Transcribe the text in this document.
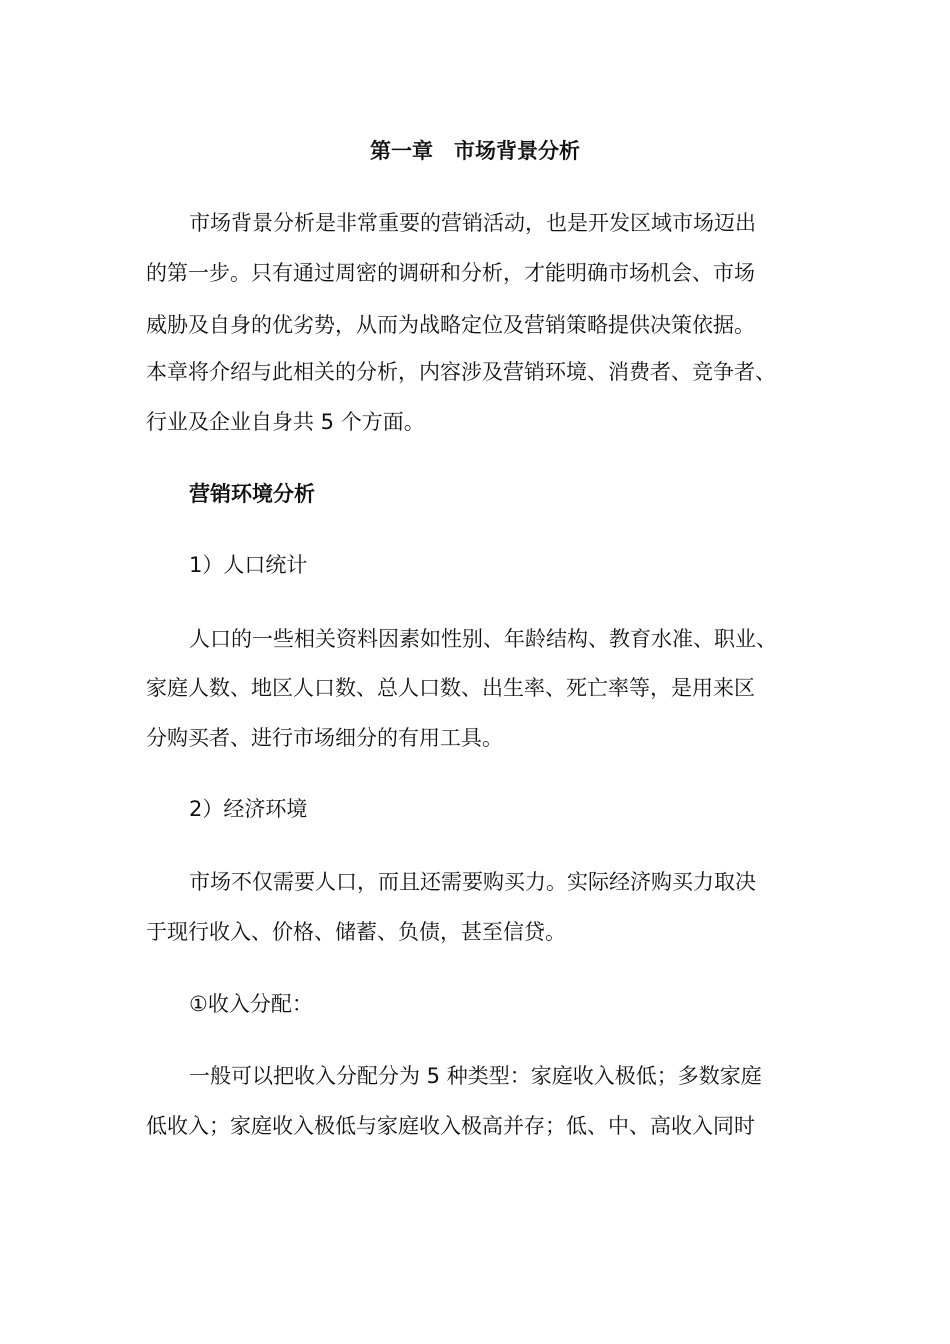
第一章　市场背景分析
市场背景分析是非常重要的营销活动，也是开发区域市场迈出
的第一步。只有通过周密的调研和分析，才能明确市场机会、市场
威胁及自身的优劣势，从而为战略定位及营销策略提供决策依据。
本章将介绍与此相关的分析，内容涉及营销环境、消费者、竞争者、
行业及企业自身共 5 个方面。
营销环境分析
1）人口统计
人口的一些相关资料因素如性别、年龄结构、教育水准、职业、
家庭人数、地区人口数、总人口数、出生率、死亡率等，是用来区
分购买者、进行市场细分的有用工具。
2）经济环境
市场不仅需要人口，而且还需要购买力。实际经济购买力取决
于现行收入、价格、储蓄、负债，甚至信贷。
①收入分配：
一般可以把收入分配分为 5 种类型：家庭收入极低；多数家庭
低收入；家庭收入极低与家庭收入极高并存；低、中、高收入同时
